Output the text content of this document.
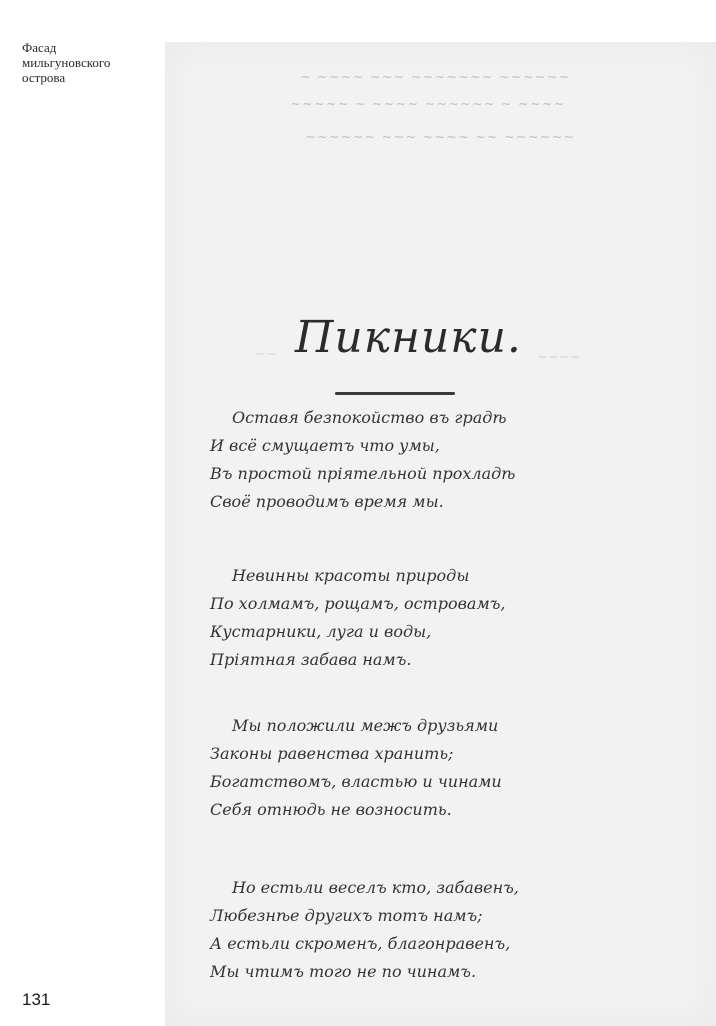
Фасад
мильгуновского
острова	~ ~~~~ ~~~ ~~~~~~~ ~~~~~~
~~~~~ ~ ~~~~ ~~~~~~ ~ ~~~~
~~~~~~ ~~~ ~~~~ ~~ ~~~~~~
~~	~~~~
Пикники.
Оставя безпокойство въ градѣ
И всё смущаетъ что умы,
Въ простой пріятельной прохладѣ
Своё проводимъ время мы.
Невинны красоты природы
По холмамъ, рощамъ, островамъ,
Кустарники, луга и воды,
Пріятная забава намъ.
Мы положили межъ друзьями
Законы равенства хранить;
Богатствомъ, властью и чинами
Себя отнюдь не возносить.
Но естьли веселъ кто, забавенъ,
Любезнѣе другихъ тотъ намъ;
А естьли скроменъ, благонравенъ,
Мы чтимъ того не по чинамъ.
131
